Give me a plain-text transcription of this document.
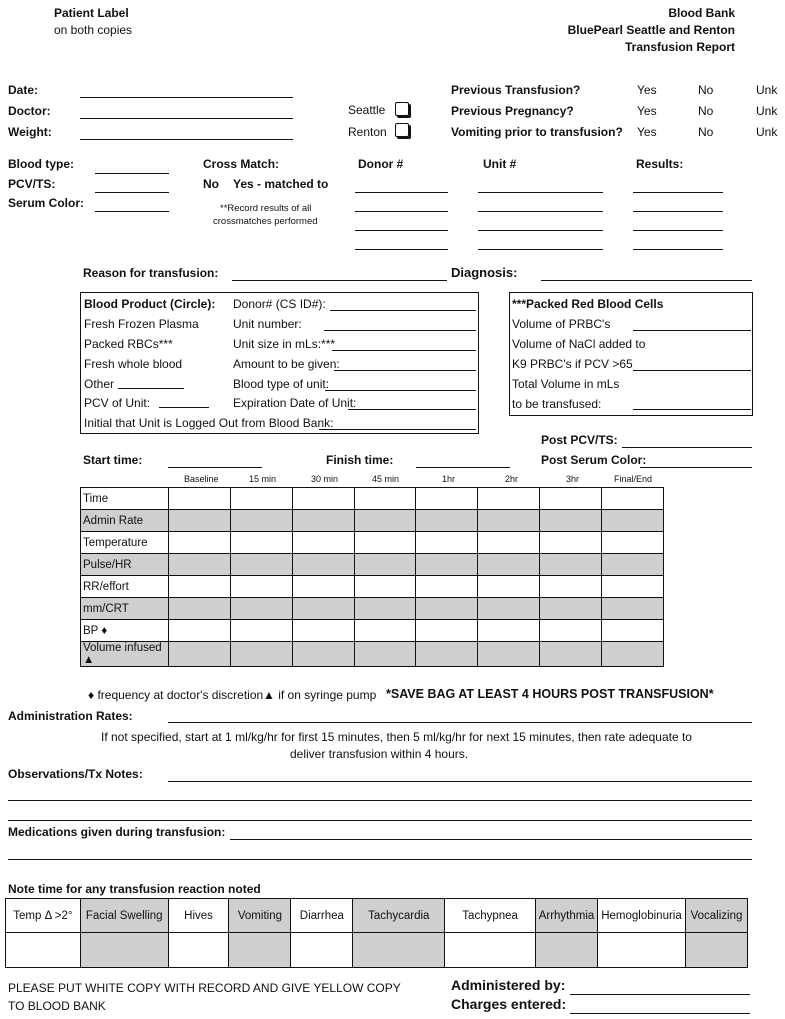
Patient Label
on both copies
Blood Bank
BluePearl Seattle and Renton
Transfusion Report
Date:
Doctor:
Weight:
Seattle
Renton
Previous Transfusion?
Previous Pregnancy?
Vomiting prior to transfusion?
Yes	No	Unk
Yes	No	Unk
Yes	No	Unk
Blood type:
PCV/TS:
Serum Color:
Cross Match:
No Yes - matched to
**Record results of all
crossmatches performed
Donor #	Unit #	Results:
Reason for transfusion:	Diagnosis:
Blood Product (Circle):
Fresh Frozen Plasma
Packed RBCs***
Fresh whole blood
Other
PCV of Unit:
Donor# (CS ID#):
Unit number:
Unit size in mLs:***
Amount to be given:
Blood type of unit:
Expiration Date of Unit:
Initial that Unit is Logged Out from Blood Bank:
***Packed Red Blood Cells
Volume of PRBC's
Volume of NaCl added to
K9 PRBC's if PCV >65
Total Volume in mLs
to be transfused:
Post PCV/TS:
Post Serum Color:
Start time:	Finish time:
Baseline	15 min	30 min	45 min	1hr	2hr	3hr	Final/End
Time								
Admin Rate								
Temperature								
Pulse/HR								
RR/effort								
mm/CRT								
BP ♦								
Volume infused ▲								
♦ frequency at doctor's discretion ▲ if on syringe pump *SAVE BAG AT LEAST 4 HOURS POST TRANSFUSION*
Administration Rates:
If not specified, start at 1 ml/kg/hr for first 15 minutes, then 5 ml/kg/hr for next 15 minutes, then rate adequate to
deliver transfusion within 4 hours.
Observations/Tx Notes:
Medications given during transfusion:
Note time for any transfusion reaction noted
Temp Δ >2°	Facial Swelling	Hives	Vomiting	Diarrhea	Tachycardia	Tachypnea	Arrhythmia	Hemoglobinuria	Vocalizing

PLEASE PUT WHITE COPY WITH RECORD AND GIVE YELLOW COPY
TO BLOOD BANK
Administered by:
Charges entered:
